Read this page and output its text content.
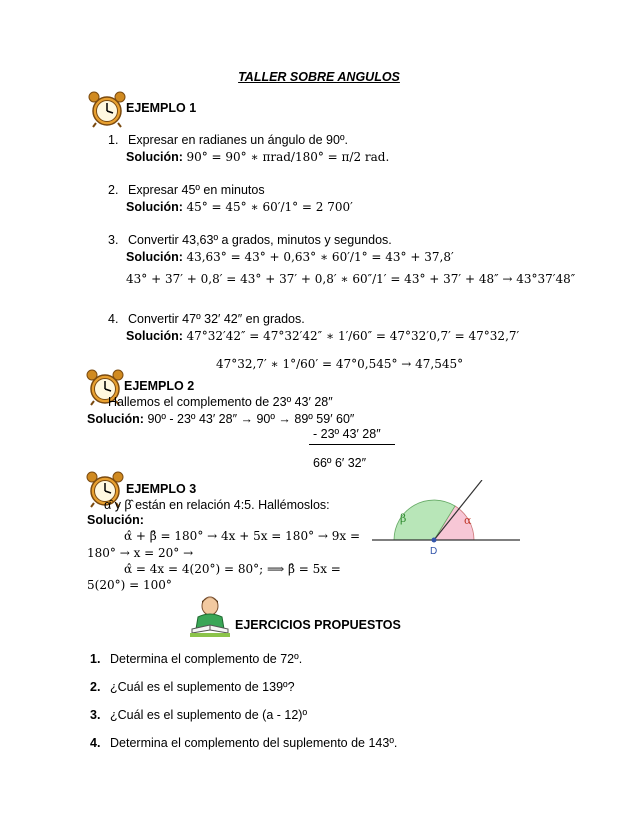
TALLER SOBRE ANGULOS
EJEMPLO 1
1. Expresar en radianes un ángulo de 90º.
Solución: 90° = 90° ∗ πrad/180° = π/2 rad.
2. Expresar 45º en minutos
Solución: 45° = 45° ∗ 60′/1° = 2 700′
3. Convertir 43,63º a grados, minutos y segundos.
Solución: 43,63° = 43° + 0,63° ∗ 60′/1° = 43° + 37,8′
43° + 37′ + 0,8′ = 43° + 37′ + 0,8′ ∗ 60″/1′ = 43° + 37′ + 48″ → 43°37′48″
4. Convertir 47º 32′ 42″ en grados.
Solución: 47°32′42″ = 47°32′42″ ∗ 1′/60″ = 47°32′0,7′ = 47°32,7′
47°32,7′ ∗ 1°/60′ = 47°0,545° → 47,545°
EJEMPLO 2
Hallemos el complemento de 23º 43′ 28″
Solución: 90º - 23º 43′ 28″ → 90º → 89º 59′ 60″
- 23º 43′ 28″
66º 6′ 32″
EJEMPLO 3
α̂ y β̂ están en relación 4:5. Hallémoslos:
Solución:
α̂ + β̂ = 180° → 4x + 5x = 180° → 9x =
180° → x = 20° →
α̂ = 4x = 4(20°) = 80°; ⟹ β̂ = 5x =
5(20°) = 100°
β	α
D
EJERCICIOS PROPUESTOS
1. Determina el complemento de 72º.
2. ¿Cuál es el suplemento de 139º?
3. ¿Cuál es el suplemento de (a - 12)º
4. Determina el complemento del suplemento de 143º.
